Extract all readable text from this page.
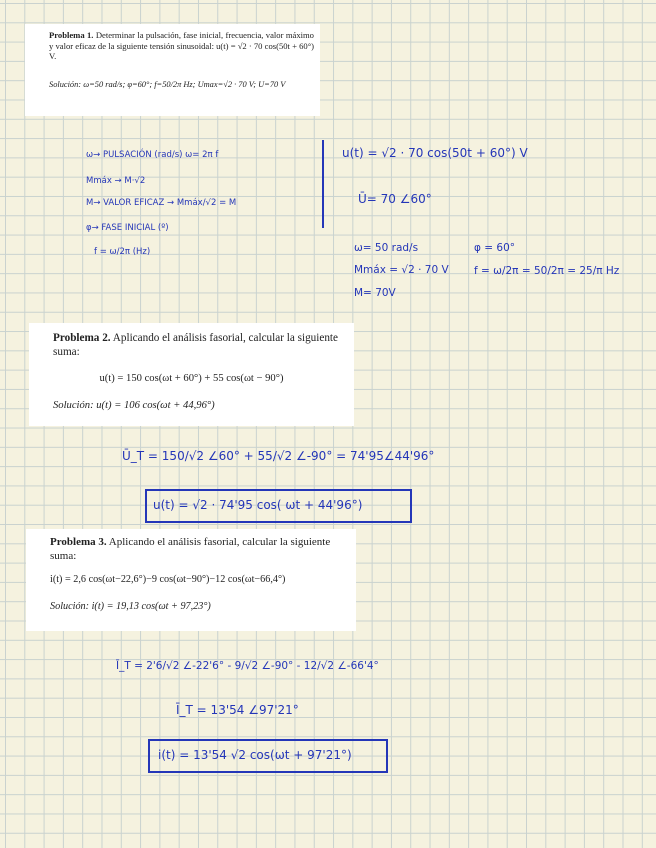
Problema 1. Determinar la pulsación, fase inicial, frecuencia, valor máximo y valor eficaz de la siguiente tensión sinusoidal: u(t) = √2 · 70 cos(50t + 60°) V.

Solución: ω=50 rad/s; φ=60°; f=50/2π Hz; Umax=√2 · 70 V; U=70 V

Problema 2. Aplicando el análisis fasorial, calcular la siguiente suma:

u(t) = 150 cos(ωt + 60°) + 55 cos(ωt − 90°)

Solución: u(t) = 106 cos(ωt + 44,96°)

Problema 3. Aplicando el análisis fasorial, calcular la siguiente suma:

i(t) = 2,6 cos(ωt−22,6°)−9 cos(ωt−90°)−12 cos(ωt−66,4°)

Solución: i(t) = 19,13 cos(ωt + 97,23°)

ω→ PULSACIÓN (rad/s) ω= 2π f
Mmáx → M·√2
M→ VALOR EFICAZ → Mmáx/√2 = M
φ→ FASE INICIAL (º)
f = ω/2π (Hz)
u(t) = √2 · 70 cos(50t + 60°) V
Ū= 70 ∠60°
ω= 50 rad/s
Mmáx = √2 · 70 V
M= 70V
φ = 60°
f = ω/2π = 50/2π = 25/π Hz
Ū_T = 150/√2 ∠60° + 55/√2 ∠-90° = 74'95∠44'96°
u(t) = √2 · 74'95 cos( ωt + 44'96°)
Ī_T = 2'6/√2 ∠-22'6° - 9/√2 ∠-90° - 12/√2 ∠-66'4°
Ī_T = 13'54 ∠97'21°
i(t) = 13'54 √2 cos(ωt + 97'21°)
